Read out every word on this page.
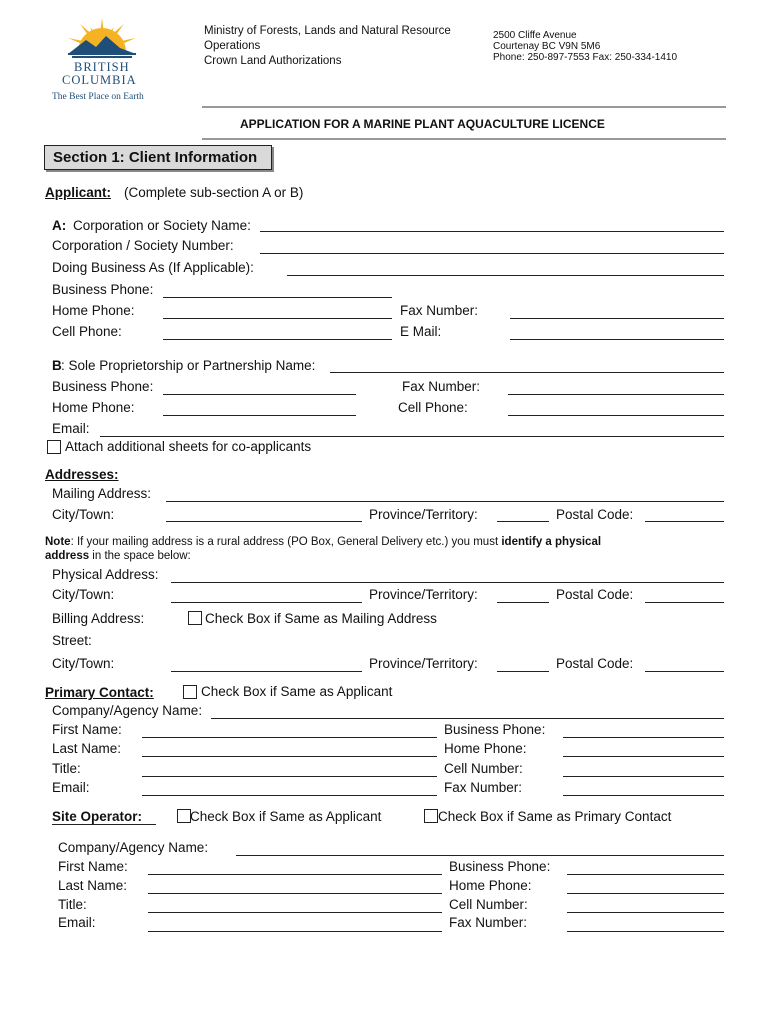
BRITISH
COLUMBIA
The Best Place on Earth
Ministry of Forests, Lands and Natural Resource
Operations
Crown Land Authorizations
2500 Cliffe Avenue
Courtenay BC V9N 5M6
Phone: 250-897-7553 Fax: 250-334-1410
APPLICATION FOR A MARINE PLANT AQUACULTURE LICENCE
Section 1: Client Information
Applicant: (Complete sub-section A or B)
A: Corporation or Society Name:
Corporation / Society Number:
Doing Business As (If Applicable):
Business Phone:
Home Phone:	Fax Number:
Cell Phone:	E Mail:
B : Sole Proprietorship or Partnership Name:
Business Phone:	Fax Number:
Home Phone:	Cell Phone:
Email:
Attach additional sheets for co-applicants
Addresses:
Mailing Address:
City/Town:	Province/Territory:	Postal Code:
Note: If your mailing address is a rural address (PO Box, General Delivery etc.) you must identify a physical
address in the space below:
Physical Address:
City/Town:	Province/Territory:	Postal Code:
Billing Address:	Check Box if Same as Mailing Address
Street:
City/Town:	Province/Territory:	Postal Code:
Primary Contact:	Check Box if Same as Applicant
Company/Agency Name:
First Name:	Business Phone:
Last Name:	Home Phone:
Title:	Cell Number:
Email:	Fax Number:
Site Operator:	Check Box if Same as Applicant	Check Box if Same as Primary Contact
Company/Agency Name:
First Name:	Business Phone:
Last Name:	Home Phone:
Title:	Cell Number:
Email:	Fax Number:
